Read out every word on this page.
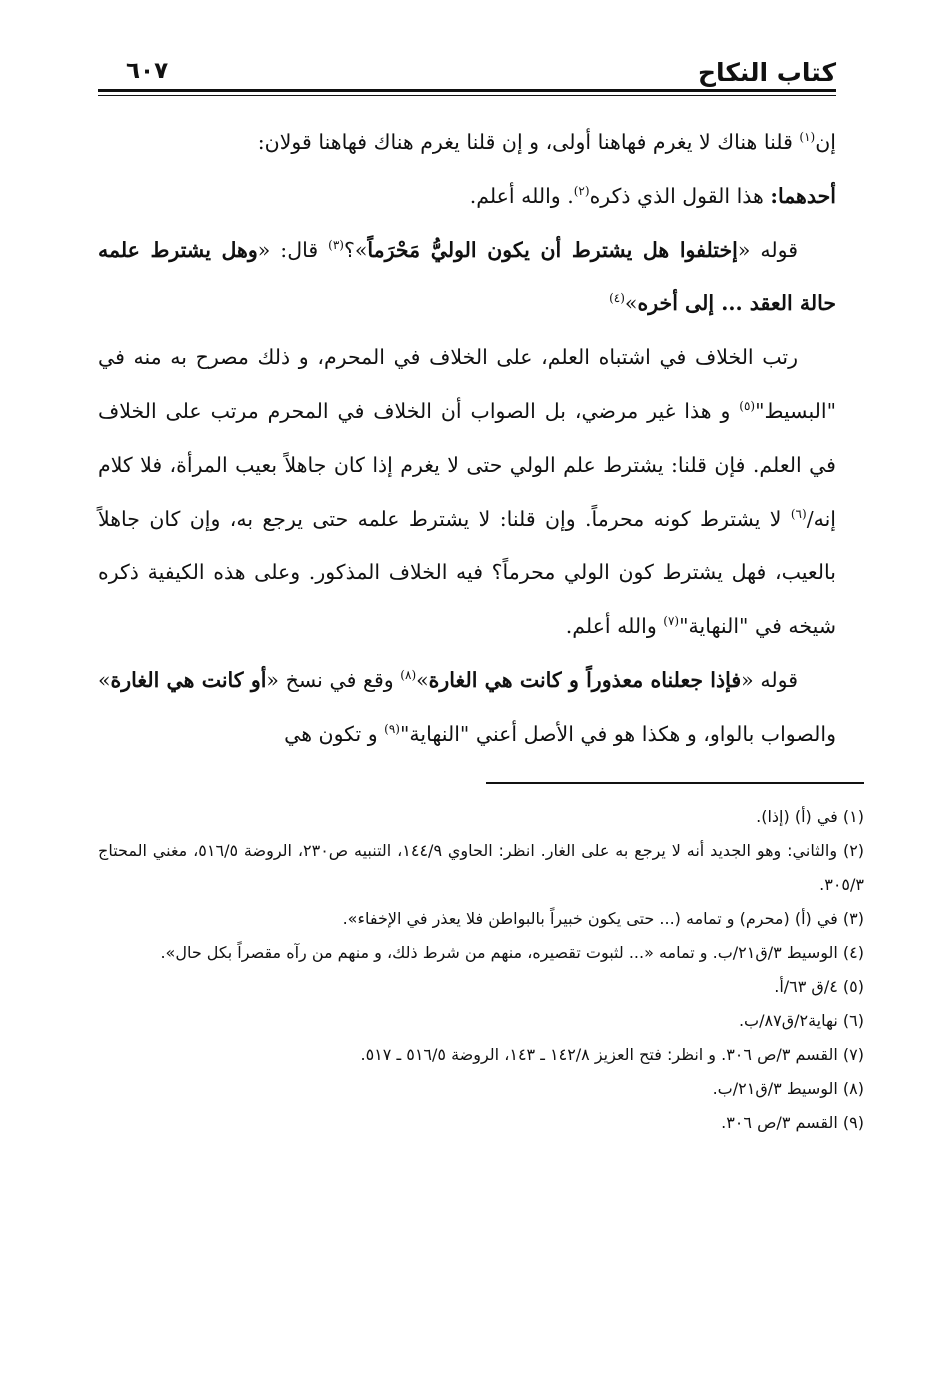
كتاب النكاح
٦٠٧

إن$^{(١)}$ قلنا هناك لا يغرم فهاهنا أولى، و إن قلنا يغرم هناك فهاهنا قولان:

أحدهما: هذا القول الذي ذكره$^{(٢)}$. والله أعلم.

قوله «إختلفوا هل يشترط أن يكون الوليُّ مَحْرَماً»؟$^{(٣)}$ قال: «وهل يشترط علمه حالة العقد ... إلى أخره»$^{(٤)}$

رتب الخلاف في اشتباه العلم، على الخلاف في المحرم، و ذلك مصرح به منه في "البسيط"$^{(٥)}$ و هذا غير مرضي، بل الصواب أن الخلاف في المحرم مرتب على الخلاف في العلم. فإن قلنا: يشترط علم الولي حتى لا يغرم إذا كان جاهلاً بعيب المرأة، فلا كلام إنه/$^{(٦)}$ لا يشترط كونه محرماً. وإن قلنا: لا يشترط علمه حتى يرجع به، وإن كان جاهلاً بالعيب، فهل يشترط كون الولي محرماً؟ فيه الخلاف المذكور. وعلى هذه الكيفية ذكره شيخه في "النهاية"$^{(٧)}$ والله أعلم.

قوله «فإذا جعلناه معذوراً و كانت هي الغارة»$^{(٨)}$ وقع في نسخ «أو كانت هي الغارة» والصواب بالواو، و هكذا هو في الأصل أعني "النهاية"$^{(٩)}$ و تكون هي

(١) في (أ) (إذا).
(٢) والثاني: وهو الجديد أنه لا يرجع به على الغار. انظر: الحاوي ١٤٤/٩، التنبيه ص٢٣٠، الروضة ٥١٦/٥، مغني المحتاج ٣٠٥/٣.
(٣) في (أ) (محرم) و تمامه (... حتى يكون خبيراً بالبواطن فلا يعذر في الإخفاء».
(٤) الوسيط ٣/ق٢١/ب. و تمامه «... لثبوت تقصيره، منهم من شرط ذلك، و منهم من رآه مقصراً بكل حال».
(٥) ٤/ق ٦٣/أ.
(٦) نهاية٢/ق٨٧/ب.
(٧) القسم ٣/ص ٣٠٦. و انظر: فتح العزيز ١٤٢/٨ ـ ١٤٣، الروضة ٥١٦/٥ ـ ٥١٧.
(٨) الوسيط ٣/ق٢١/ب.
(٩) القسم ٣/ص ٣٠٦.
